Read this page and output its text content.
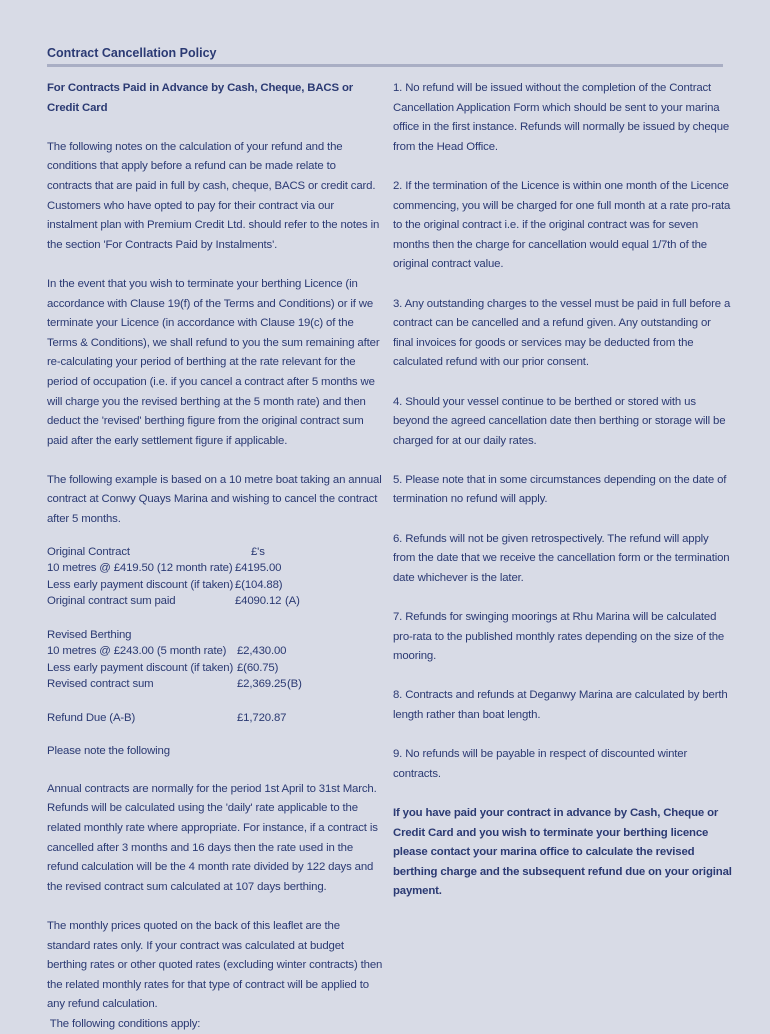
Contract Cancellation Policy

For Contracts Paid in Advance by Cash, Cheque, BACS or Credit Card

The following notes on the calculation of your refund and the conditions that apply before a refund can be made relate to contracts that are paid in full by cash, cheque, BACS or credit card. Customers who have opted to pay for their contract via our instalment plan with Premium Credit Ltd. should refer to the notes in the section 'For Contracts Paid by Instalments'.

In the event that you wish to terminate your berthing Licence (in accordance with Clause 19(f) of the Terms and Conditions) or if we terminate your Licence (in accordance with Clause 19(c) of the Terms & Conditions), we shall refund to you the sum remaining after re-calculating your period of berthing at the rate relevant for the period of occupation (i.e. if you cancel a contract after 5 months we will charge you the revised berthing at the 5 month rate) and then deduct the 'revised' berthing figure from the original contract sum paid after the early settlement figure if applicable.

The following example is based on a 10 metre boat taking an annual contract at Conwy Quays Marina and wishing to cancel the contract after 5 months.

Original Contract	£'s
10 metres @ £419.50 (12 month rate) £4195.00
Less early payment discount (if taken) £(104.88)
Original contract sum paid	£4090.12 (A)
Revised Berthing
10 metres @ £243.00 (5 month rate) £2,430.00
Less early payment discount (if taken) £(60.75)
Revised contract sum	£2,369.25 (B)
Refund Due (A-B)	£1,720.87

Please note the following

Annual contracts are normally for the period 1st April to 31st March. Refunds will be calculated using the 'daily' rate applicable to the related monthly rate where appropriate. For instance, if a contract is cancelled after 3 months and 16 days then the rate used in the refund calculation will be the 4 month rate divided by 122 days and the revised contract sum calculated at 107 days berthing.

The monthly prices quoted on the back of this leaflet are the standard rates only. If your contract was calculated at budget berthing rates or other quoted rates (excluding winter contracts) then the related monthly rates for that type of contract will be applied to any refund calculation.

The following conditions apply:

1. No refund will be issued without the completion of the Contract Cancellation Application Form which should be sent to your marina office in the first instance. Refunds will normally be issued by cheque from the Head Office.

2. If the termination of the Licence is within one month of the Licence commencing, you will be charged for one full month at a rate pro-rata to the original contract i.e. if the original contract was for seven months then the charge for cancellation would equal 1/7th of the original contract value.

3. Any outstanding charges to the vessel must be paid in full before a contract can be cancelled and a refund given. Any outstanding or final invoices for goods or services may be deducted from the calculated refund with our prior consent.

4. Should your vessel continue to be berthed or stored with us beyond the agreed cancellation date then berthing or storage will be charged for at our daily rates.

5. Please note that in some circumstances depending on the date of termination no refund will apply.

6. Refunds will not be given retrospectively. The refund will apply from the date that we receive the cancellation form or the termination date whichever is the later.

7. Refunds for swinging moorings at Rhu Marina will be calculated pro-rata to the published monthly rates depending on the size of the mooring.

8. Contracts and refunds at Deganwy Marina are calculated by berth length rather than boat length.

9. No refunds will be payable in respect of discounted winter contracts.

If you have paid your contract in advance by Cash, Cheque or Credit Card and you wish to terminate your berthing licence please contact your marina office to calculate the revised berthing charge and the subsequent refund due on your original payment.
